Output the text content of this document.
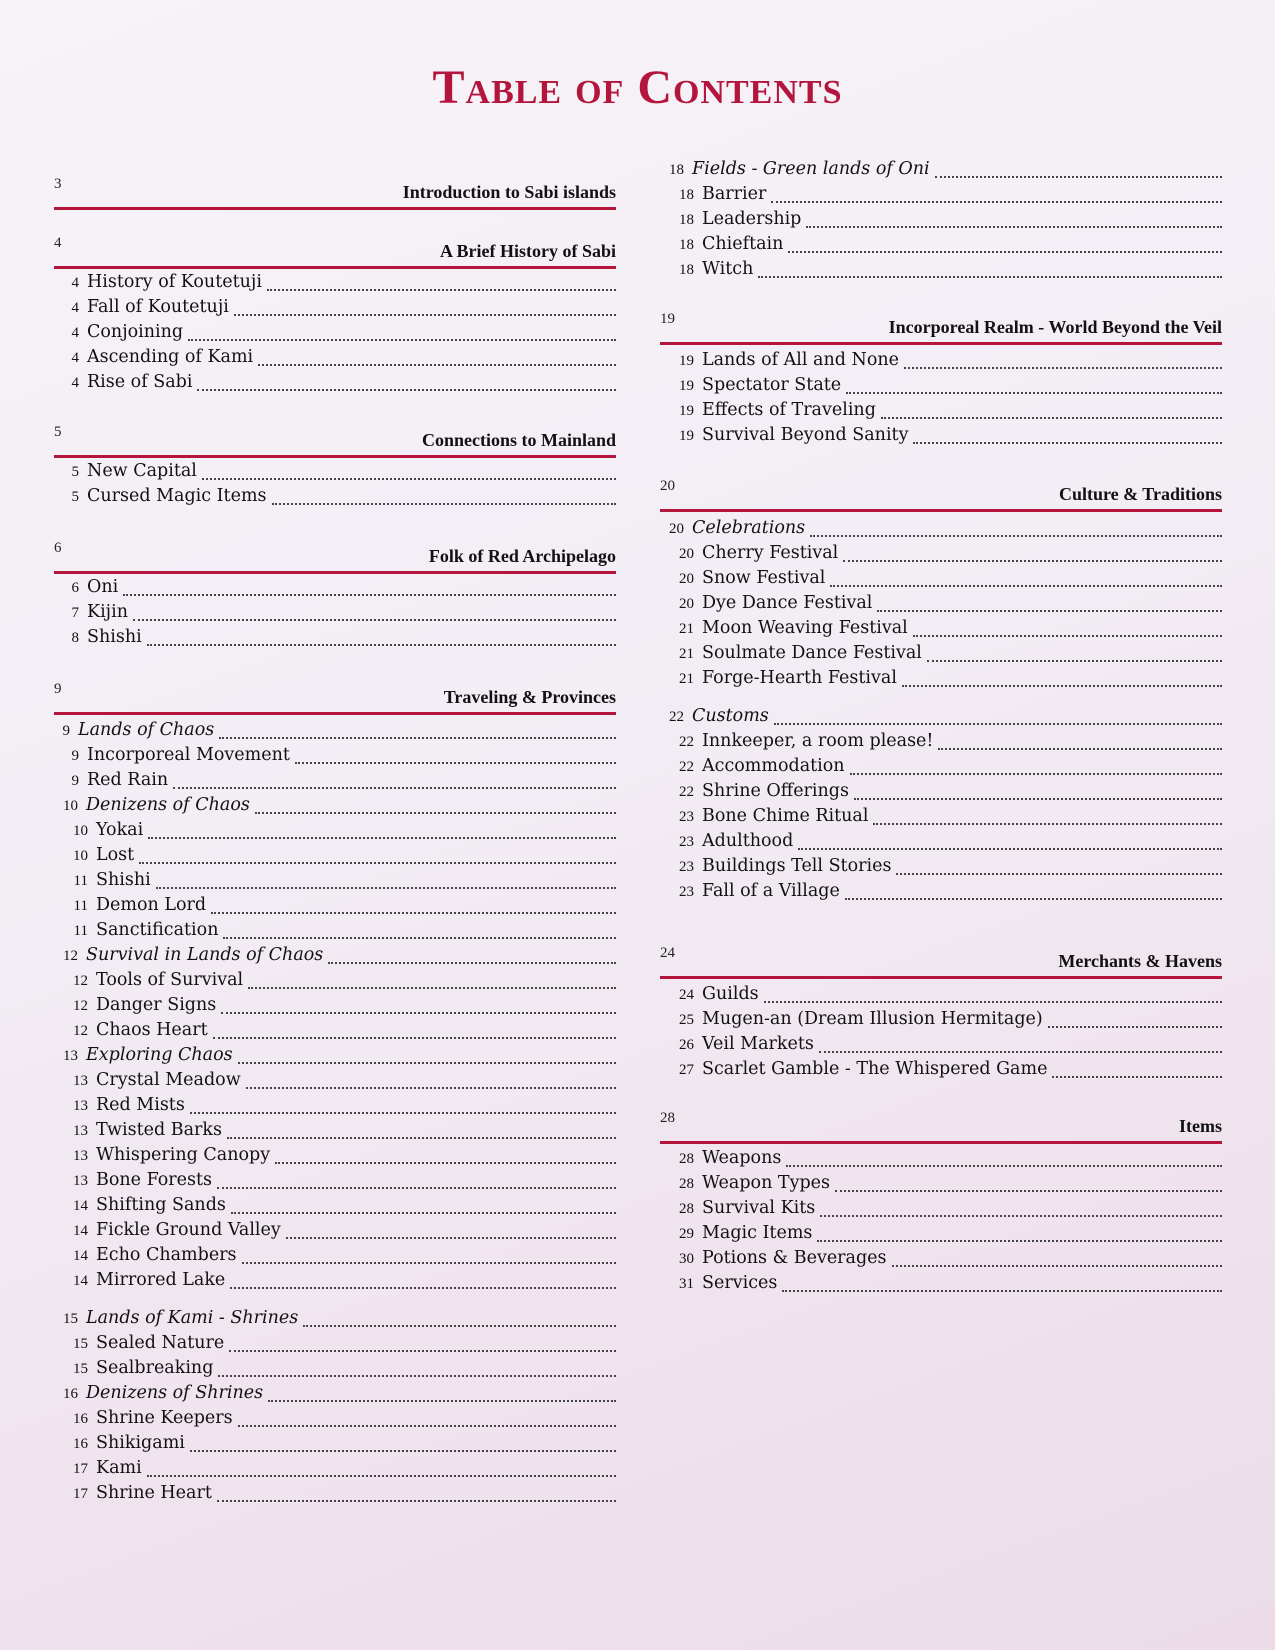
Table of Contents
3	Introduction to Sabi islands
4	A Brief History of Sabi
4 History of Koutetuji
4 Fall of Koutetuji
4 Conjoining
4 Ascending of Kami
4 Rise of Sabi
5	Connections to Mainland
5 New Capital
5 Cursed Magic Items
6	Folk of Red Archipelago
6 Oni
7 Kijin
8 Shishi
9	Traveling & Provinces
9 Lands of Chaos
9 Incorporeal Movement
9 Red Rain
10 Denizens of Chaos
10 Yokai
10 Lost
11 Shishi
11 Demon Lord
11 Sanctification
12 Survival in Lands of Chaos
12 Tools of Survival
12 Danger Signs
12 Chaos Heart
13 Exploring Chaos
13 Crystal Meadow
13 Red Mists
13 Twisted Barks
13 Whispering Canopy
13 Bone Forests
14 Shifting Sands
14 Fickle Ground Valley
14 Echo Chambers
14 Mirrored Lake
15 Lands of Kami - Shrines
15 Sealed Nature
15 Sealbreaking
16 Denizens of Shrines
16 Shrine Keepers
16 Shikigami
17 Kami
17 Shrine Heart
18 Fields - Green lands of Oni
18 Barrier
18 Leadership
18 Chieftain
18 Witch
19	Incorporeal Realm - World Beyond the Veil
19 Lands of All and None
19 Spectator State
19 Effects of Traveling
19 Survival Beyond Sanity
20	Culture & Traditions
20 Celebrations
20 Cherry Festival
20 Snow Festival
20 Dye Dance Festival
21 Moon Weaving Festival
21 Soulmate Dance Festival
21 Forge-Hearth Festival
22 Customs
22 Innkeeper, a room please!
22 Accommodation
22 Shrine Offerings
23 Bone Chime Ritual
23 Adulthood
23 Buildings Tell Stories
23 Fall of a Village
24	Merchants & Havens
24 Guilds
25 Mugen-an (Dream Illusion Hermitage)
26 Veil Markets
27 Scarlet Gamble - The Whispered Game
28	Items
28 Weapons
28 Weapon Types
28 Survival Kits
29 Magic Items
30 Potions & Beverages
31 Services
